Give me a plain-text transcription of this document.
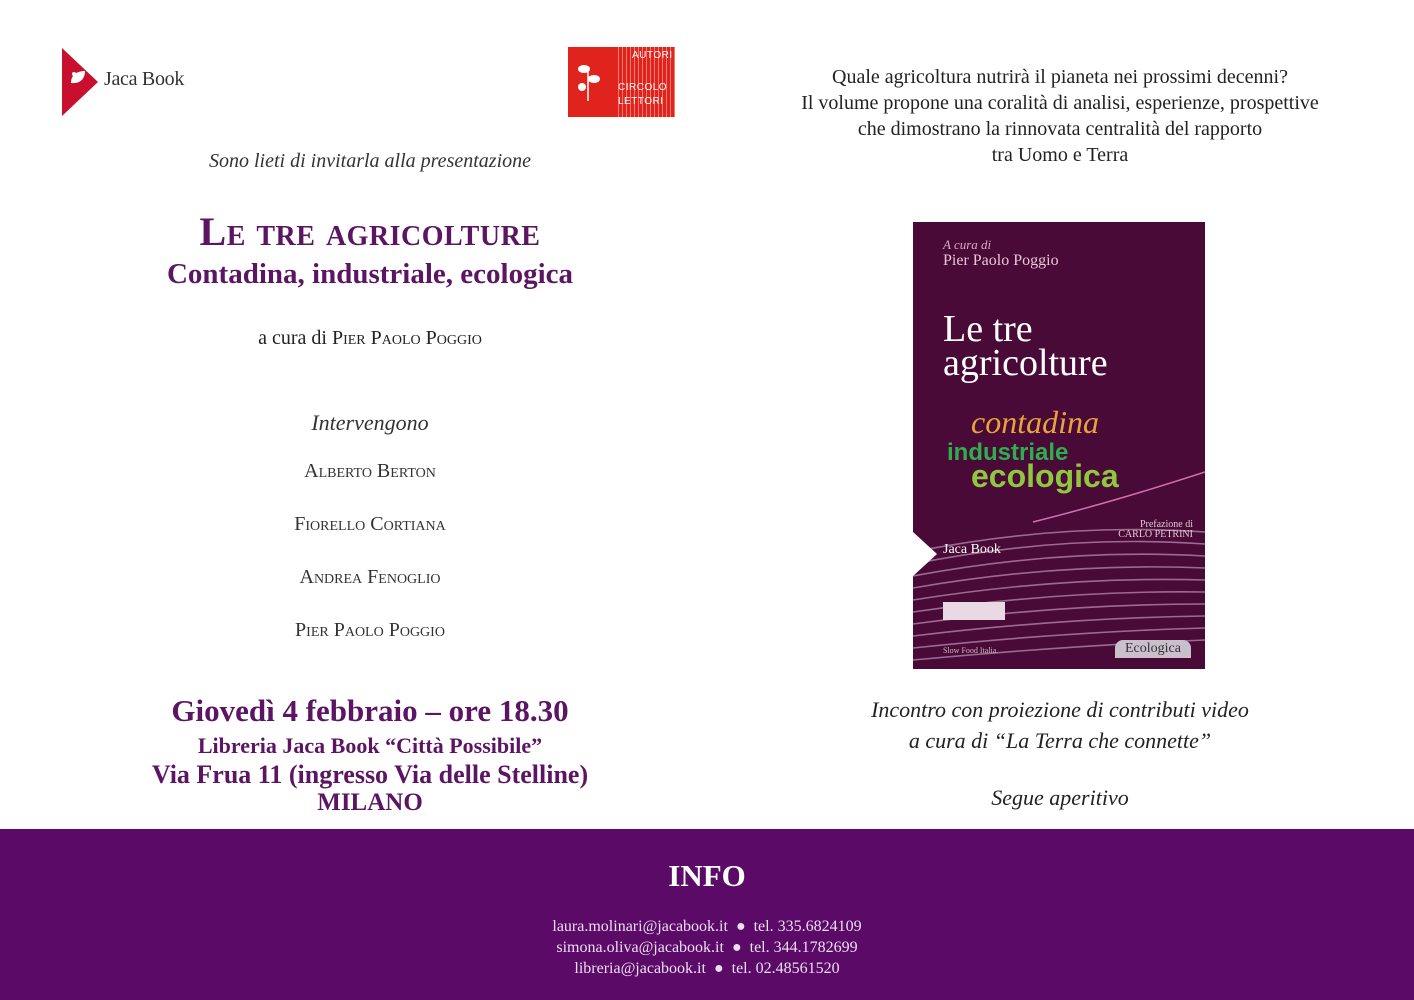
Jaca Book
AUTORI
CIRCOLO
LETTORI
Sono lieti di invitarla alla presentazione
Le tre agricolture
Contadina, industriale, ecologica
a cura di Pier Paolo Poggio
Intervengono
Alberto Berton
Fiorello Cortiana
Andrea Fenoglio
Pier Paolo Poggio
Giovedì 4 febbraio – ore 18.30
Libreria Jaca Book “Città Possibile”
Via Frua 11 (ingresso Via delle Stelline)
MILANO
Quale agricoltura nutrirà il pianeta nei prossimi decenni?
Il volume propone una coralità di analisi, esperienze, prospettive
che dimostrano la rinnovata centralità del rapporto
tra Uomo e Terra
A cura di
Pier Paolo Poggio
Le tre
agricolture
contadina
industriale
ecologica
Prefazione di
CARLO PETRINI
Jaca Book
Slow Food Italia	Ecologica
Incontro con proiezione di contributi video
a cura di “La Terra che connette”
Segue aperitivo
INFO
laura.molinari@jacabook.it  ●  tel. 335.6824109
simona.oliva@jacabook.it  ●  tel. 344.1782699
libreria@jacabook.it  ●  tel. 02.48561520
